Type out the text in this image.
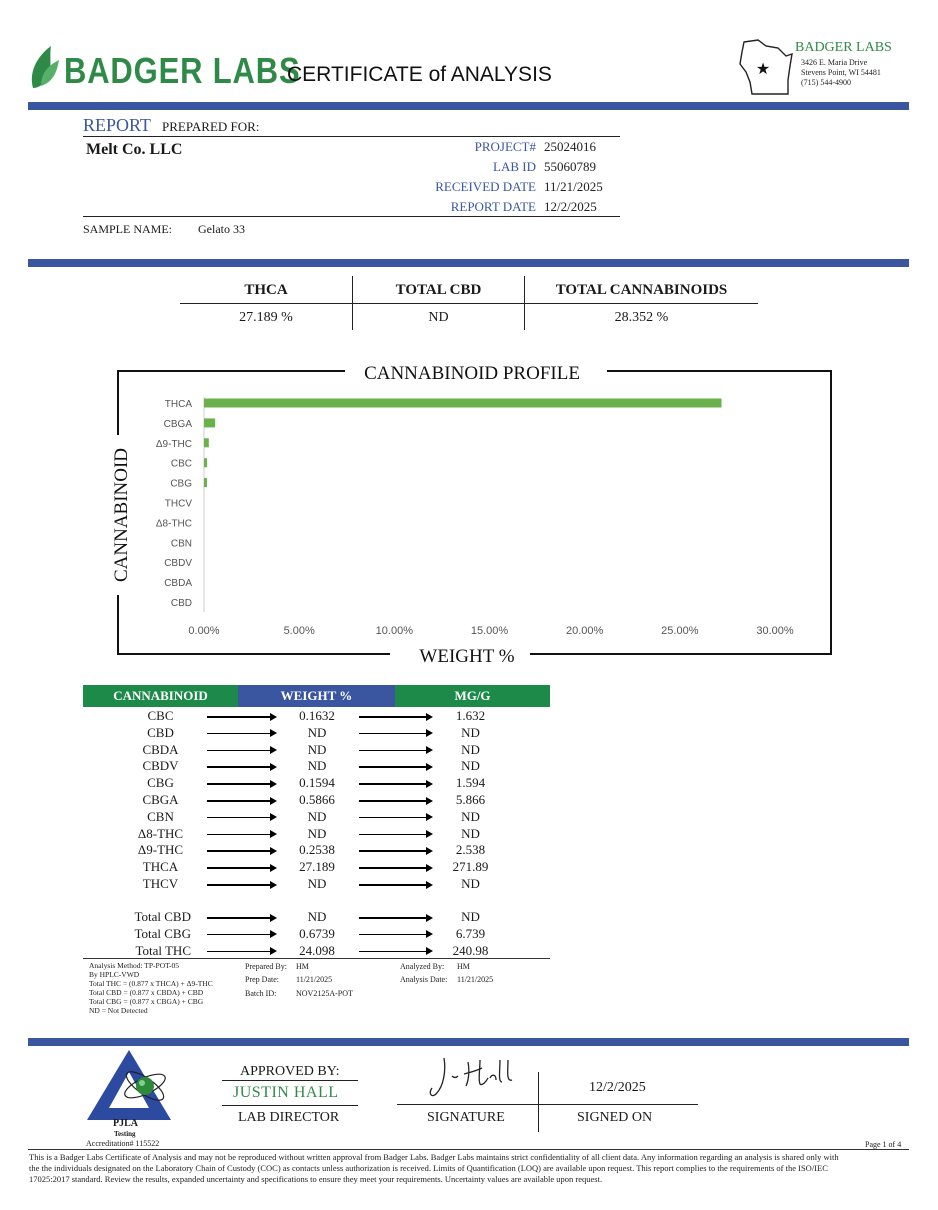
BADGER LABS
CERTIFICATE of ANALYSIS	★
BADGER LABS
3426 E. Maria Drive
Stevens Point, WI 54481
(715) 544-4900
REPORT PREPARED FOR:
Melt Co. LLC	PROJECT# 25024016
LAB ID 55060789
RECEIVED DATE 11/21/2025
REPORT DATE 12/2/2025
SAMPLE NAME: Gelato 33
THCA	TOTAL CBD	TOTAL CANNABINOIDS
27.189 %	ND	28.352 %
CANNABINOID PROFILE
WEIGHT %
CANNABINOID
THCA
CBGA
Δ9-THC
CBC
CBG
THCV
Δ8-THC
CBN
CBDV
CBDA
CBD
0.00%	5.00%	10.00%	15.00%	20.00%	25.00%	30.00%
CANNABINOID	WEIGHT %	MG/G
CBC	0.1632	1.632
CBD	ND	ND
CBDA	ND	ND
CBDV	ND	ND
CBG	0.1594	1.594
CBGA	0.5866	5.866
CBN	ND	ND
Δ8-THC	ND	ND
Δ9-THC	0.2538	2.538
THCA	27.189	271.89
THCV	ND	ND
Total CBD	ND	ND
Total CBG	0.6739	6.739
Total THC	24.098	240.98
Analysis Method: TP-POT-05
By HPLC-VWD
Total THC = (0.877 x THCA) + Δ9-THC
Total CBD = (0.877 x CBDA) + CBD
Total CBG = (0.877 x CBGA) + CBG
ND = Not Detected
Prepared By: HM
Prep Date: 11/21/2025
Batch ID: NOV2125A-POT
Analyzed By: HM
Analysis Date: 11/21/2025
PJLA
Testing
Accreditation# 115522
APPROVED BY:
JUSTIN HALL
LAB DIRECTOR	SIGNATURE
12/2/2025
SIGNED ON
Page 1 of 4
This is a Badger Labs Certificate of Analysis and may not be reproduced without written approval from Badger Labs. Badger Labs maintains strict confidentiality of all client data. Any information regarding an analysis is shared only with
the the individuals designated on the Laboratory Chain of Custody (COC) as contacts unless authorization is received. Limits of Quantification (LOQ) are available upon request. This report complies to the requirements of the ISO/IEC
17025:2017 standard. Review the results, expanded uncertainty and specifications to ensure they meet your requirements. Uncertainty values are available upon request.
